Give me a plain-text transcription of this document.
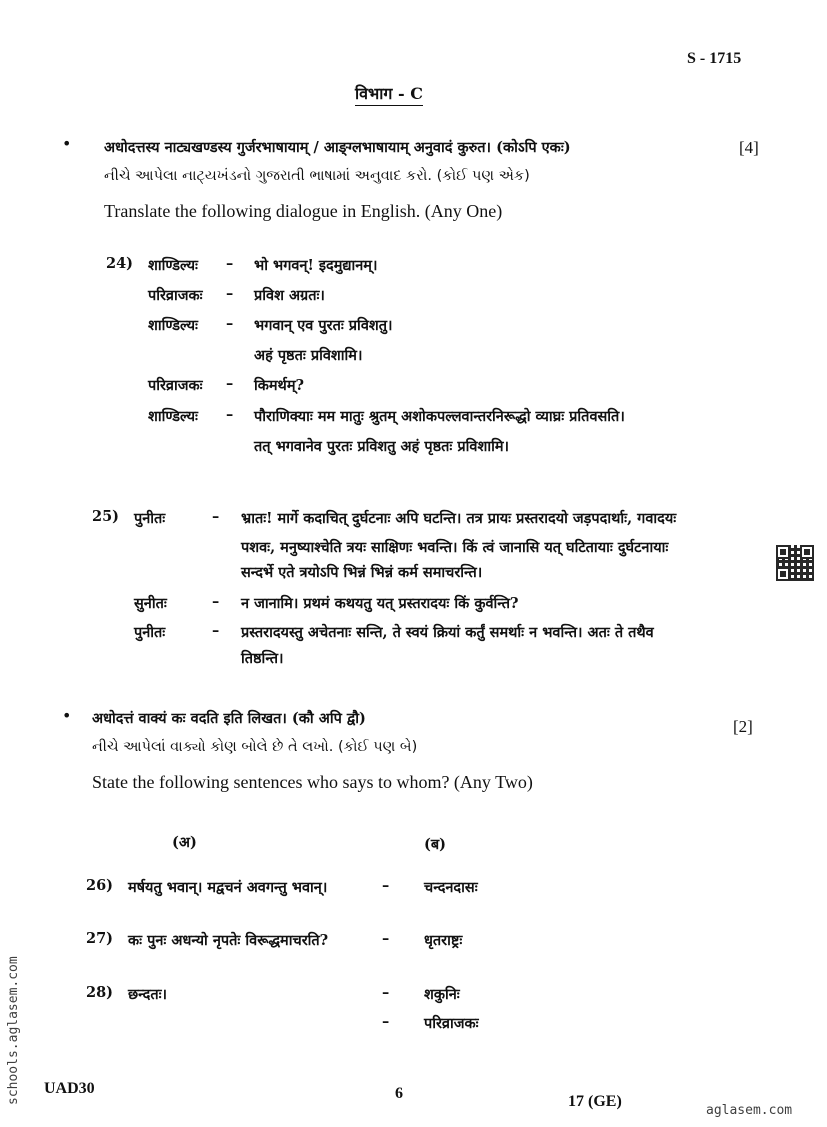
S - 1715
विभाग - C
• अधोदत्तस्य नाट्यखण्डस्य गुर्जरभाषायाम् / आङ्ग्लभाषायाम् अनुवादं कुरुत। (कोऽपि एकः)	[4]
નીચે આપેલા નાટ્યખંડનો ગુજરાતી ભાષામાં અનુવાદ કરો. (કોઈ પણ એક)
Translate the following dialogue in English. (Any One)
24) शाण्डिल्यः – भो भगवन्! इदमुद्यानम्।
परिव्राजकः – प्रविश अग्रतः।
शाण्डिल्यः – भगवान् एव पुरतः प्रविशतु।
अहं पृष्ठतः प्रविशामि।
परिव्राजकः – किमर्थम्?
शाण्डिल्यः – पौराणिक्याः मम मातुः श्रुतम् अशोकपल्लवान्तरनिरूद्धो व्याघ्रः प्रतिवसति।
तत् भगवानेव पुरतः प्रविशतु अहं पृष्ठतः प्रविशामि।
25) पुनीतः	– भ्रातः! मार्गे कदाचित् दुर्घटनाः अपि घटन्ति। तत्र प्रायः प्रस्तरादयो जड़पदार्थाः, गवादयः
पशवः, मनुष्याश्चेति त्रयः साक्षिणः भवन्ति। किं त्वं जानासि यत् घटितायाः दुर्घटनायाः
सन्दर्भे एते त्रयोऽपि भिन्नं भिन्नं कर्म समाचरन्ति।
सुनीतः	– न जानामि। प्रथमं कथयतु यत् प्रस्तरादयः किं कुर्वन्ति?
पुनीतः	– प्रस्तरादयस्तु अचेतनाः सन्ति, ते स्वयं क्रियां कर्तुं समर्थाः न भवन्ति। अतः ते तथैव
तिष्ठन्ति।
• अधोदत्तं वाक्यं कः वदति इति लिखत। (कौ अपि द्वौ)	[2]
નીચે આપેલાં વાક્યો કોણ બોલે છે તે લખો. (કોઈ પણ બે)
State the following sentences who says to whom? (Any Two)
(अ)	(ब)
26) मर्षयतु भवान्। मद्वचनं अवगन्तु भवान्।	– चन्दनदासः
27) कः पुनः अधन्यो नृपतेः विरूद्धमाचरति?	– धृतराष्ट्रः
28) छन्दतः।	– शकुनिः
– परिव्राजकः
UAD30	6	17 (GE)
aglasem.com
schools.aglasem.com
